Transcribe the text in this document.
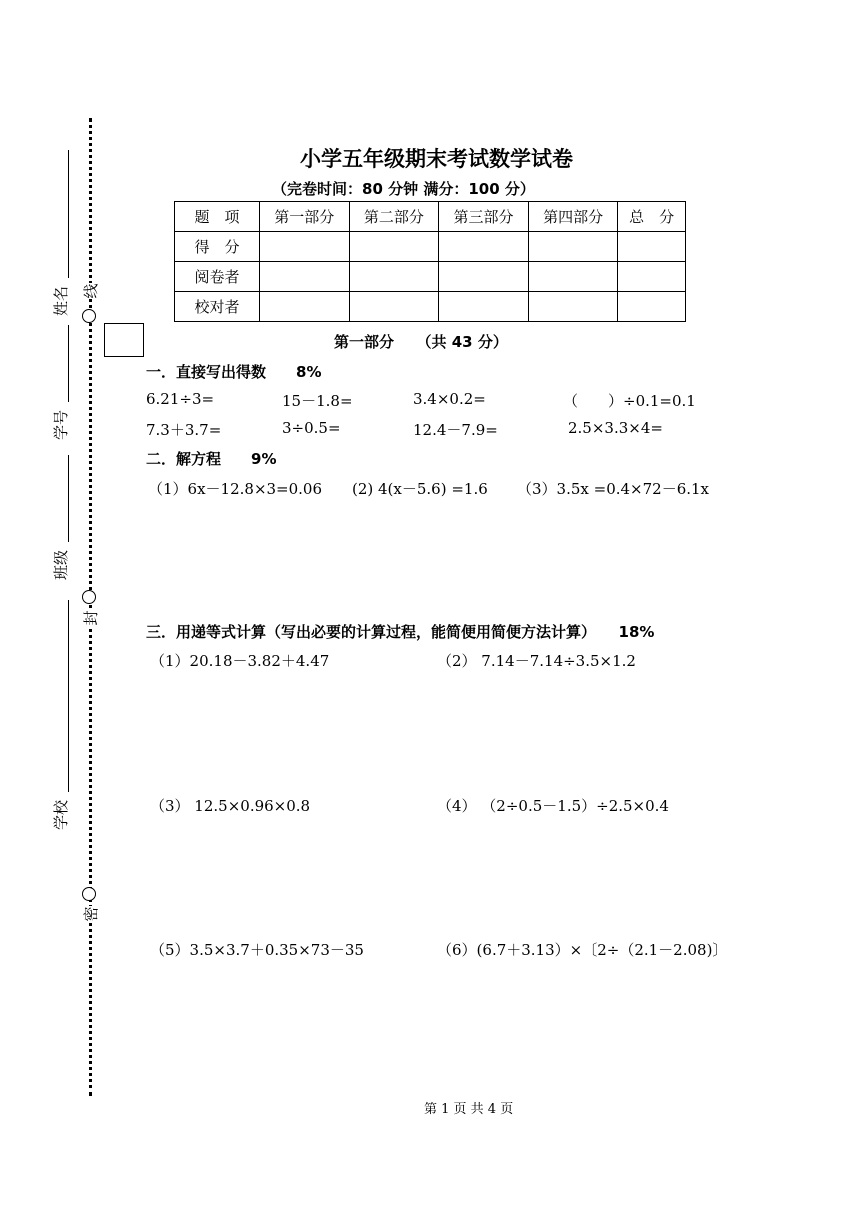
线
封
密
姓名
学号
班级
学校
小学五年级期末考试数学试卷
（完卷时间：80 分钟 满分：100 分）
题　项	第一部分	第二部分	第三部分	第四部分	总　分
得　分					
阅卷者					
校对者					
第一部分　　（共 43 分）
一．直接写出得数　　8%
6.21÷3=	15－1.8=	3.4×0.2=	（　　）÷0.1=0.1
7.3＋3.7=	3÷0.5=	12.4－7.9=	2.5×3.3×4=
二．解方程　　9%
（1）6x－12.8×3=0.06 (2) 4(x－5.6) =1.6 （3）3.5x =0.4×72－6.1x
三．用递等式计算（写出必要的计算过程，能简便用简便方法计算）　　18%
（1）20.18－3.82＋4.47	（2） 7.14－7.14÷3.5×1.2
（3） 12.5×0.96×0.8	（4） （2÷0.5－1.5）÷2.5×0.4
（5）3.5×3.7＋0.35×73－35	（6）(6.7＋3.13）×〔2÷（2.1－2.08)〕
第 1 页 共 4 页
